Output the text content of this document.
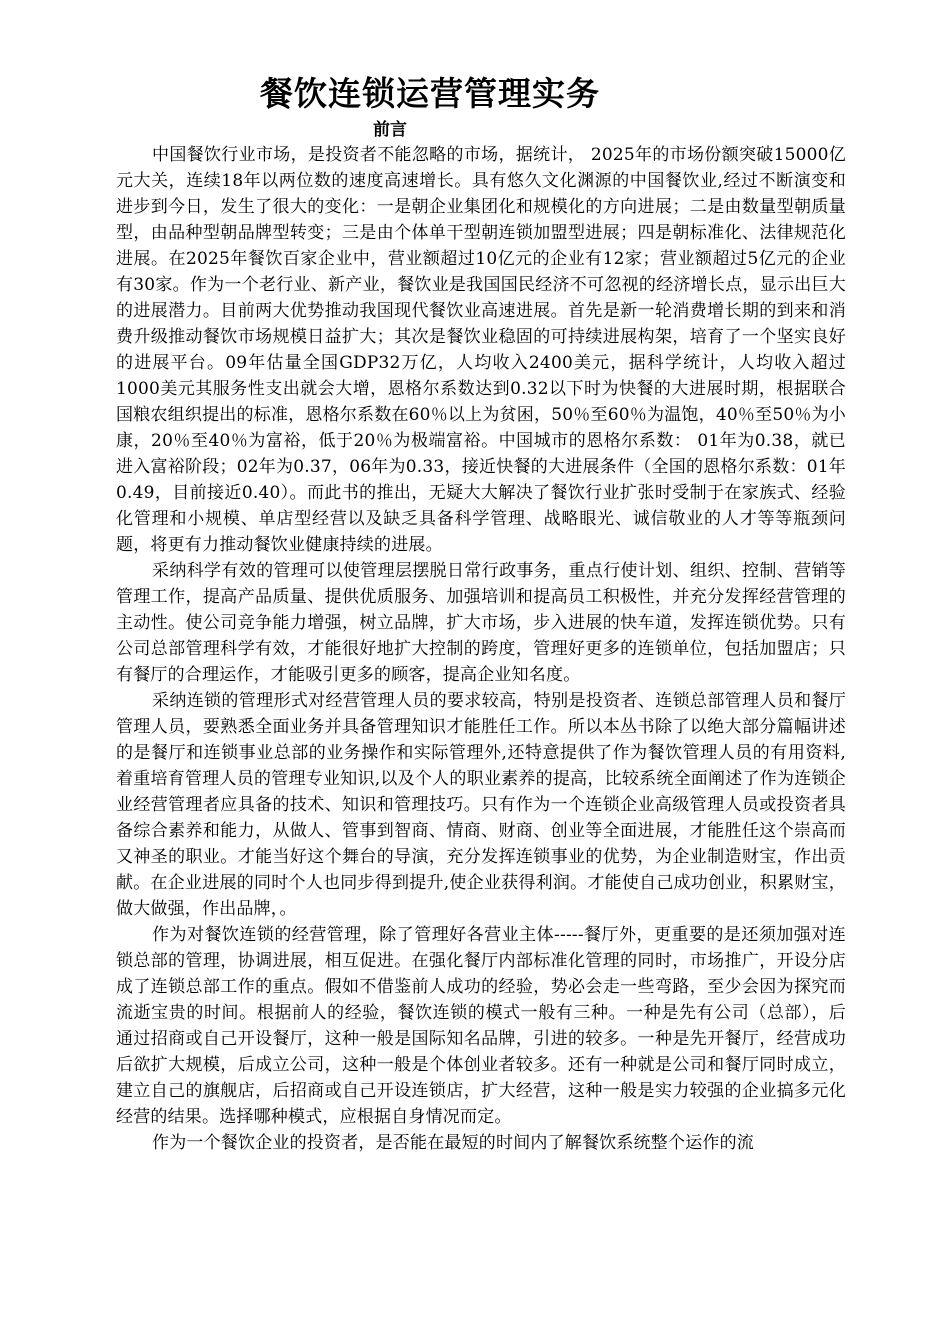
餐饮连锁运营管理实务
前言

中国餐饮行业市场，是投资者不能忽略的市场，据统计， 2025年的市场份额突破15000亿元大关，连续18年以两位数的速度高速增长。具有悠久文化渊源的中国餐饮业,经过不断演变和进步到今日，发生了很大的变化：一是朝企业集团化和规模化的方向进展；二是由数量型朝质量型，由品种型朝品牌型转变；三是由个体单干型朝连锁加盟型进展；四是朝标准化、法律规范化进展。在2025年餐饮百家企业中，营业额超过10亿元的企业有12家；营业额超过5亿元的企业有30家。作为一个老行业、新产业，餐饮业是我国国民经济不可忽视的经济增长点，显示出巨大的进展潜力。目前两大优势推动我国现代餐饮业高速进展。首先是新一轮消费增长期的到来和消费升级推动餐饮市场规模日益扩大；其次是餐饮业稳固的可持续进展构架，培育了一个坚实良好的进展平台。09年估量全国GDP32万亿，人均收入2400美元，据科学统计，人均收入超过1000美元其服务性支出就会大增，恩格尔系数达到0.32以下时为快餐的大进展时期，根据联合国粮农组织提出的标准，恩格尔系数在60％以上为贫困，50％至60％为温饱，40％至50％为小康，20％至40％为富裕，低于20％为极端富裕。中国城市的恩格尔系数： 01年为0.38，就已进入富裕阶段；02年为0.37，06年为0.33，接近快餐的大进展条件（全国的恩格尔系数：01年0.49，目前接近0.40）。而此书的推出，无疑大大解决了餐饮行业扩张时受制于在家族式、经验化管理和小规模、单店型经营以及缺乏具备科学管理、战略眼光、诚信敬业的人才等等瓶颈问题，将更有力推动餐饮业健康持续的进展。

采纳科学有效的管理可以使管理层摆脱日常行政事务，重点行使计划、组织、控制、营销等管理工作，提高产品质量、提供优质服务、加强培训和提高员工积极性，并充分发挥经营管理的主动性。使公司竞争能力增强，树立品牌，扩大市场，步入进展的快车道，发挥连锁优势。只有公司总部管理科学有效，才能很好地扩大控制的跨度，管理好更多的连锁单位，包括加盟店；只有餐厅的合理运作，才能吸引更多的顾客，提高企业知名度。

采纳连锁的管理形式对经营管理人员的要求较高，特别是投资者、连锁总部管理人员和餐厅管理人员，要熟悉全面业务并具备管理知识才能胜任工作。所以本丛书除了以绝大部分篇幅讲述的是餐厅和连锁事业总部的业务操作和实际管理外,还特意提供了作为餐饮管理人员的有用资料,着重培育管理人员的管理专业知识,以及个人的职业素养的提高，比较系统全面阐述了作为连锁企业经营管理者应具备的技术、知识和管理技巧。只有作为一个连锁企业高级管理人员或投资者具备综合素养和能力，从做人、管事到智商、情商、财商、创业等全面进展，才能胜任这个崇高而又神圣的职业。才能当好这个舞台的导演，充分发挥连锁事业的优势，为企业制造财宝，作出贡献。在企业进展的同时个人也同步得到提升,使企业获得利润。才能使自己成功创业，积累财宝，做大做强，作出品牌，。

作为对餐饮连锁的经营管理，除了管理好各营业主体-----餐厅外，更重要的是还须加强对连锁总部的管理，协调进展，相互促进。在强化餐厅内部标准化管理的同时，市场推广，开设分店成了连锁总部工作的重点。假如不借鉴前人成功的经验，势必会走一些弯路，至少会因为探究而流逝宝贵的时间。根据前人的经验，餐饮连锁的模式一般有三种。一种是先有公司（总部），后通过招商或自己开设餐厅，这种一般是国际知名品牌，引进的较多。一种是先开餐厅，经营成功后欲扩大规模，后成立公司，这种一般是个体创业者较多。还有一种就是公司和餐厅同时成立，建立自己的旗舰店，后招商或自己开设连锁店，扩大经营，这种一般是实力较强的企业搞多元化经营的结果。选择哪种模式，应根据自身情况而定。

作为一个餐饮企业的投资者，是否能在最短的时间内了解餐饮系统整个运作的流
